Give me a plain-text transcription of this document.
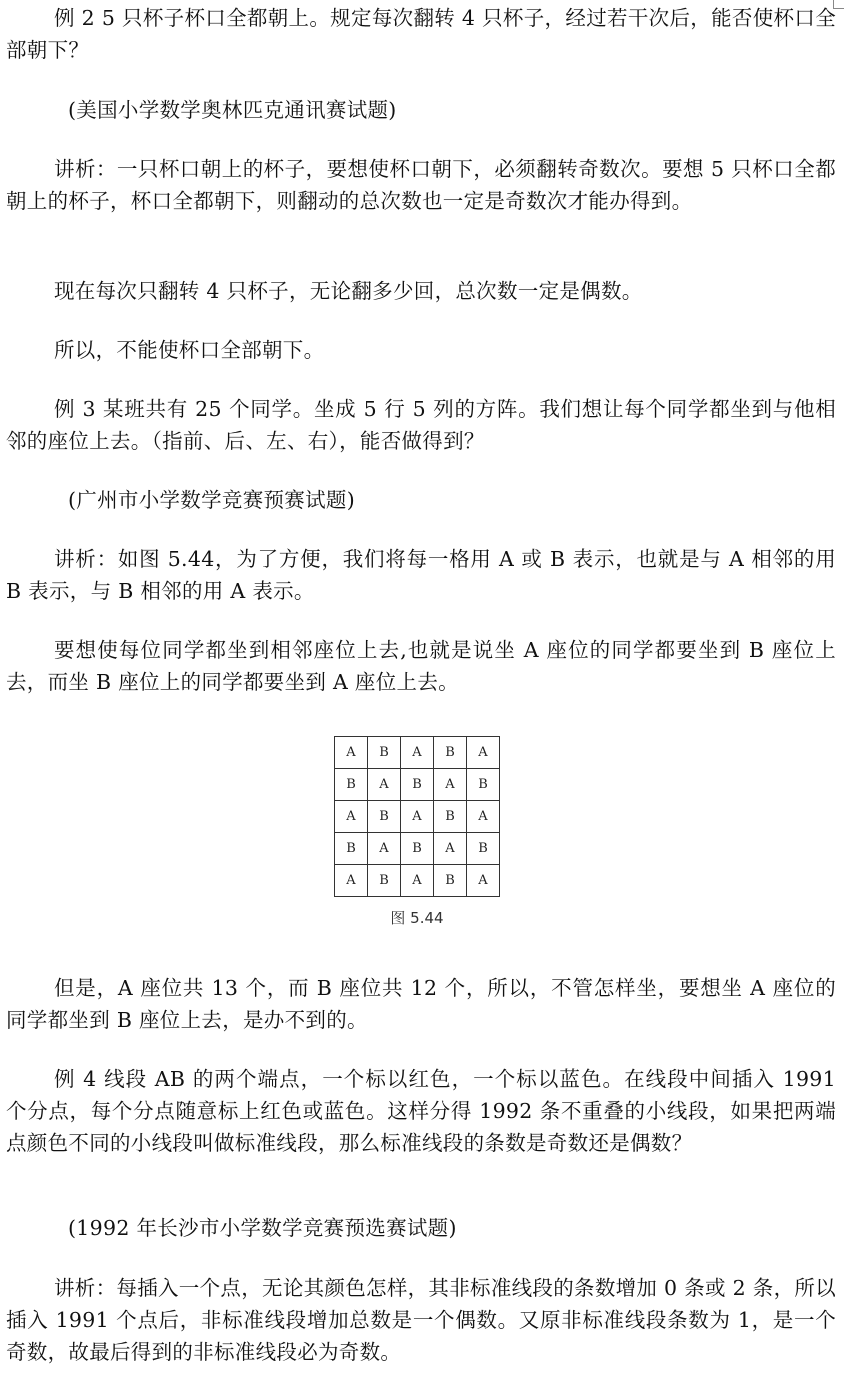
例 2 5 只杯子杯口全都朝上。规定每次翻转 4 只杯子，经过若干次后，能否使杯口全部朝下？

(美国小学数学奥林匹克通讯赛试题)

讲析：一只杯口朝上的杯子，要想使杯口朝下，必须翻转奇数次。要想 5 只杯口全都朝上的杯子，杯口全都朝下，则翻动的总次数也一定是奇数次才能办得到。

现在每次只翻转 4 只杯子，无论翻多少回，总次数一定是偶数。

所以，不能使杯口全部朝下。

例 3 某班共有 25 个同学。坐成 5 行 5 列的方阵。我们想让每个同学都坐到与他相邻的座位上去。（指前、后、左、右），能否做得到？

(广州市小学数学竞赛预赛试题)

讲析：如图 5.44，为了方便，我们将每一格用 A 或 B 表示，也就是与 A 相邻的用 B 表示，与 B 相邻的用 A 表示。

要想使每位同学都坐到相邻座位上去,也就是说坐 A 座位的同学都要坐到 B 座位上去，而坐 B 座位上的同学都要坐到 A 座位上去。

A	B	A	B	A
B	A	B	A	B
A	B	A	B	A
B	A	B	A	B
A	B	A	B	A
图 5.44

但是，A 座位共 13 个，而 B 座位共 12 个，所以，不管怎样坐，要想坐 A 座位的同学都坐到 B 座位上去，是办不到的。

例 4 线段 AB 的两个端点，一个标以红色，一个标以蓝色。在线段中间插入 1991 个分点，每个分点随意标上红色或蓝色。这样分得 1992 条不重叠的小线段，如果把两端点颜色不同的小线段叫做标准线段，那么标准线段的条数是奇数还是偶数？

(1992 年长沙市小学数学竞赛预选赛试题)

讲析：每插入一个点，无论其颜色怎样，其非标准线段的条数增加 0 条或 2 条，所以插入 1991 个点后，非标准线段增加总数是一个偶数。又原非标准线段条数为 1，是一个奇数，故最后得到的非标准线段必为奇数。
